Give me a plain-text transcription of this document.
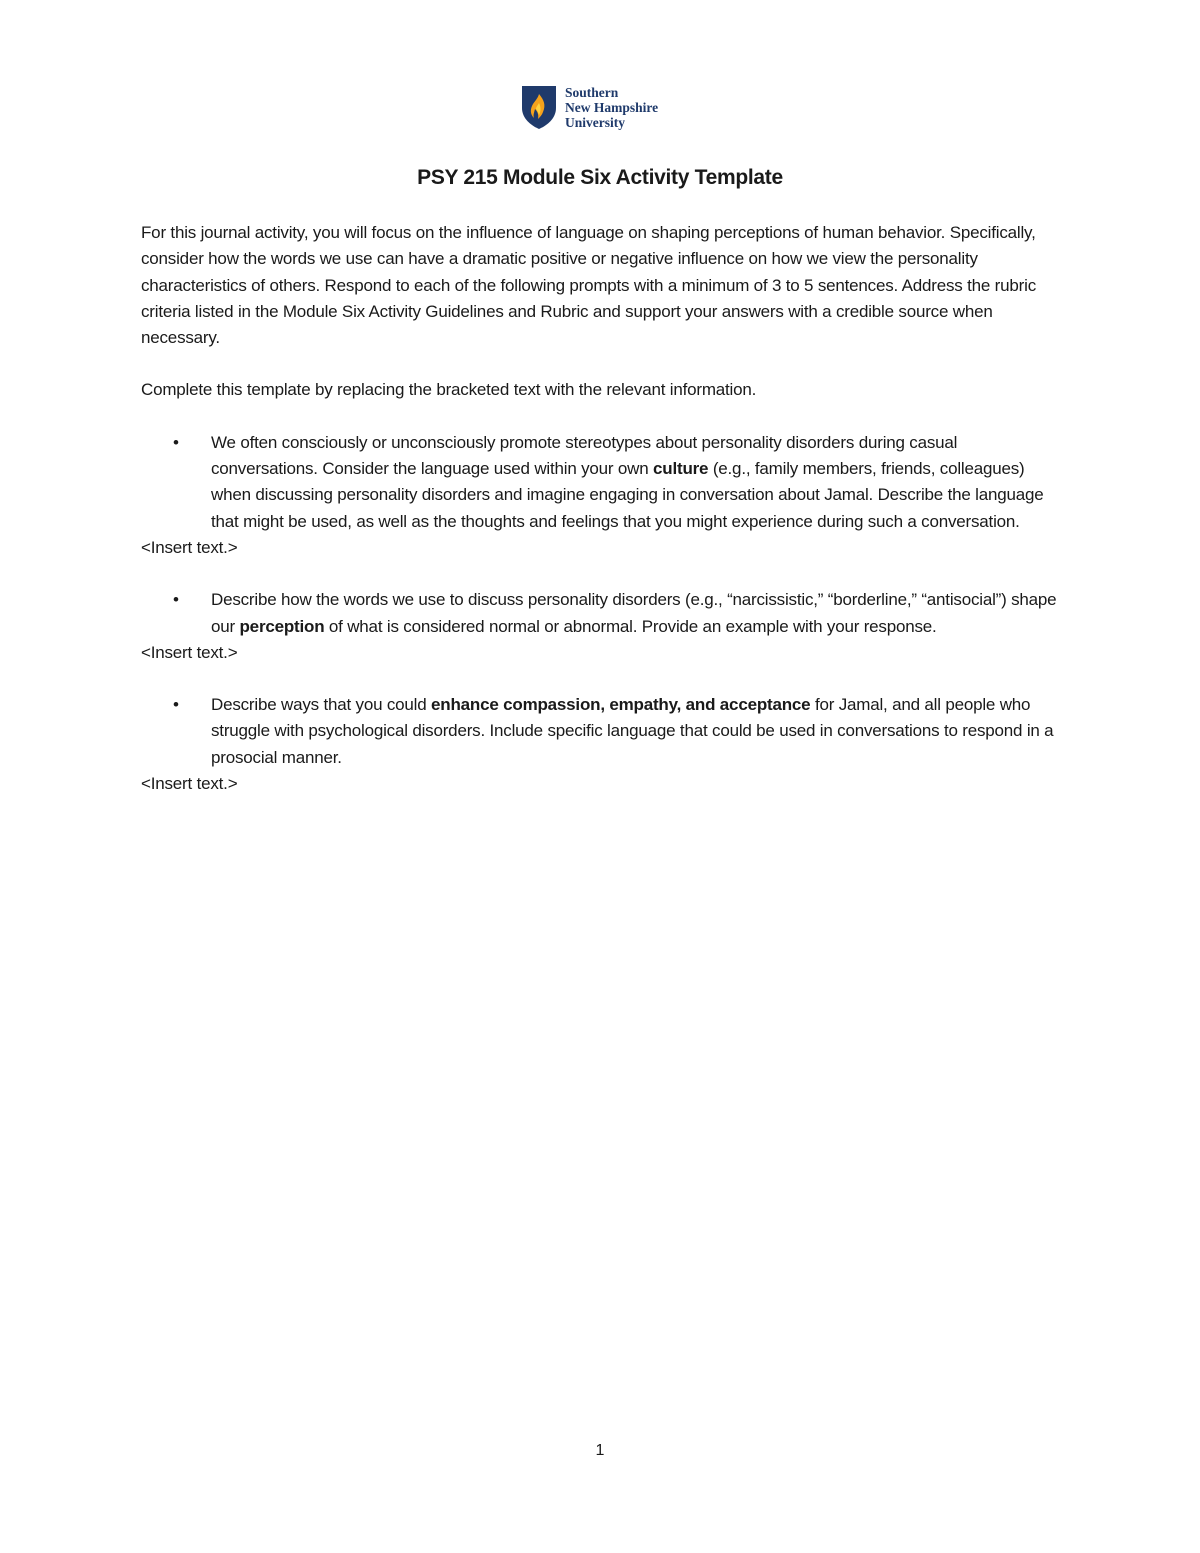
Southern
New Hampshire
University
PSY 215 Module Six Activity Template

For this journal activity, you will focus on the influence of language on shaping perceptions of human behavior. Specifically, consider how the words we use can have a dramatic positive or negative influence on how we view the personality characteristics of others. Respond to each of the following prompts with a minimum of 3 to 5 sentences. Address the rubric criteria listed in the Module Six Activity Guidelines and Rubric and support your answers with a credible source when necessary.

Complete this template by replacing the bracketed text with the relevant information.

• We often consciously or unconsciously promote stereotypes about personality disorders during casual conversations. Consider the language used within your own culture (e.g., family members, friends, colleagues) when discussing personality disorders and imagine engaging in conversation about Jamal. Describe the language that might be used, as well as the thoughts and feelings that you might experience during such a conversation.

<Insert text.>

• Describe how the words we use to discuss personality disorders (e.g., “narcissistic,” “borderline,” “antisocial”) shape our perception of what is considered normal or abnormal. Provide an example with your response.

<Insert text.>

• Describe ways that you could enhance compassion, empathy, and acceptance for Jamal, and all people who struggle with psychological disorders. Include specific language that could be used in conversations to respond in a prosocial manner.

<Insert text.>

1
